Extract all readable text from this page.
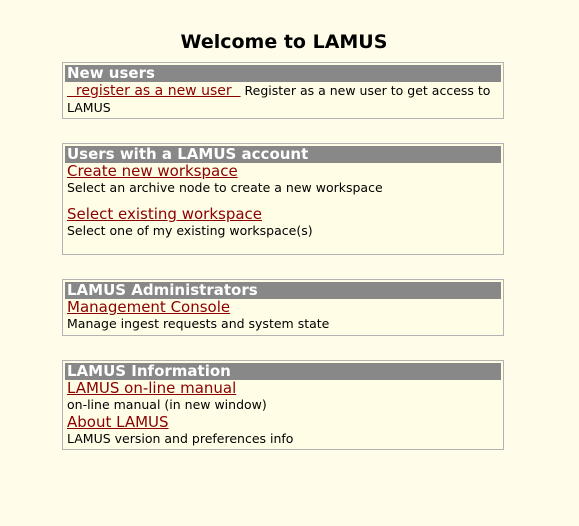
Welcome to LAMUS
New users
register as a new user   Register as a new user to get access to LAMUS
Users with a LAMUS account
Create new workspace
Select an archive node to create a new workspace
Select existing workspace
Select one of my existing workspace(s)
LAMUS Administrators
Management Console
Manage ingest requests and system state
LAMUS Information
LAMUS on-line manual
on-line manual (in new window)
About LAMUS
LAMUS version and preferences info
